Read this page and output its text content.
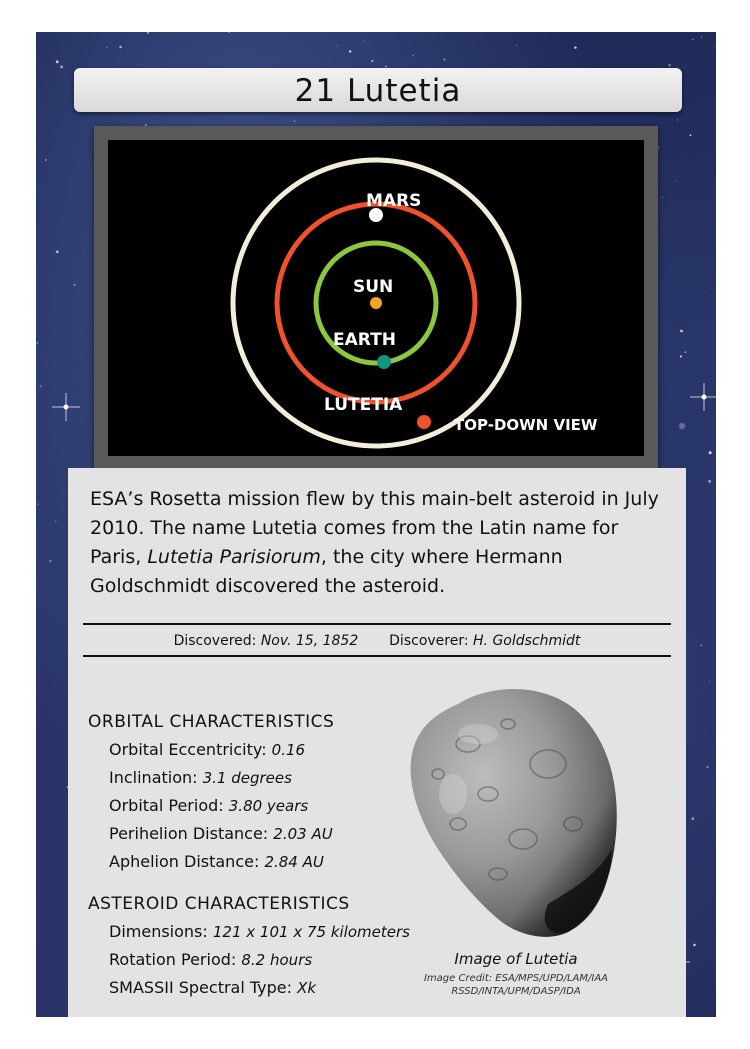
21 Lutetia
MARS
SUN
EARTH
LUTETIA
TOP-DOWN VIEW

ESA’s Rosetta mission flew by this main-belt asteroid in July 2010. The name Lutetia comes from the Latin name for Paris, Lutetia Parisiorum, the city where Hermann Goldschmidt discovered the asteroid.

Discovered: Nov. 15, 1852 Discoverer: H. Goldschmidt
ORBITAL CHARACTERISTICS
Orbital Eccentricity: 0.16
Inclination: 3.1 degrees
Orbital Period: 3.80 years
Perihelion Distance: 2.03 AU
Aphelion Distance: 2.84 AU
ASTEROID CHARACTERISTICS
Dimensions: 121 x 101 x 75 kilometers
Rotation Period: 8.2 hours
SMASSII Spectral Type: Xk
Image of Lutetia
Image Credit: ESA/MPS/UPD/LAM/IAA
RSSD/INTA/UPM/DASP/IDA
